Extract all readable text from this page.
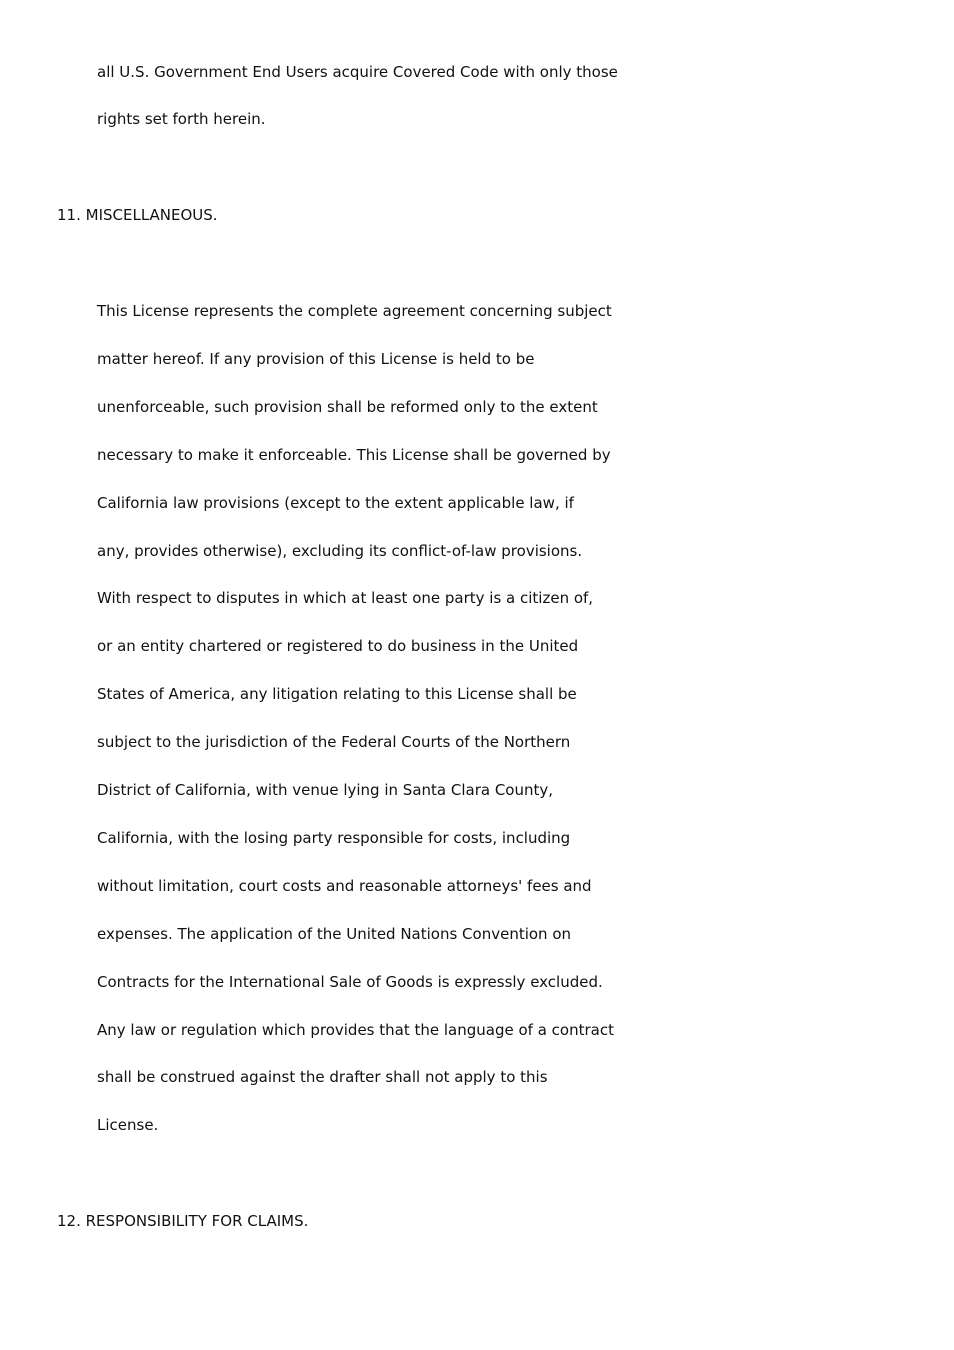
all U.S. Government End Users acquire Covered Code with only those
rights set forth herein.
11. MISCELLANEOUS.
This License represents the complete agreement concerning subject
matter hereof. If any provision of this License is held to be
unenforceable, such provision shall be reformed only to the extent
necessary to make it enforceable. This License shall be governed by
California law provisions (except to the extent applicable law, if
any, provides otherwise), excluding its conflict-of-law provisions.
With respect to disputes in which at least one party is a citizen of,
or an entity chartered or registered to do business in the United
States of America, any litigation relating to this License shall be
subject to the jurisdiction of the Federal Courts of the Northern
District of California, with venue lying in Santa Clara County,
California, with the losing party responsible for costs, including
without limitation, court costs and reasonable attorneys' fees and
expenses. The application of the United Nations Convention on
Contracts for the International Sale of Goods is expressly excluded.
Any law or regulation which provides that the language of a contract
shall be construed against the drafter shall not apply to this
License.
12. RESPONSIBILITY FOR CLAIMS.
